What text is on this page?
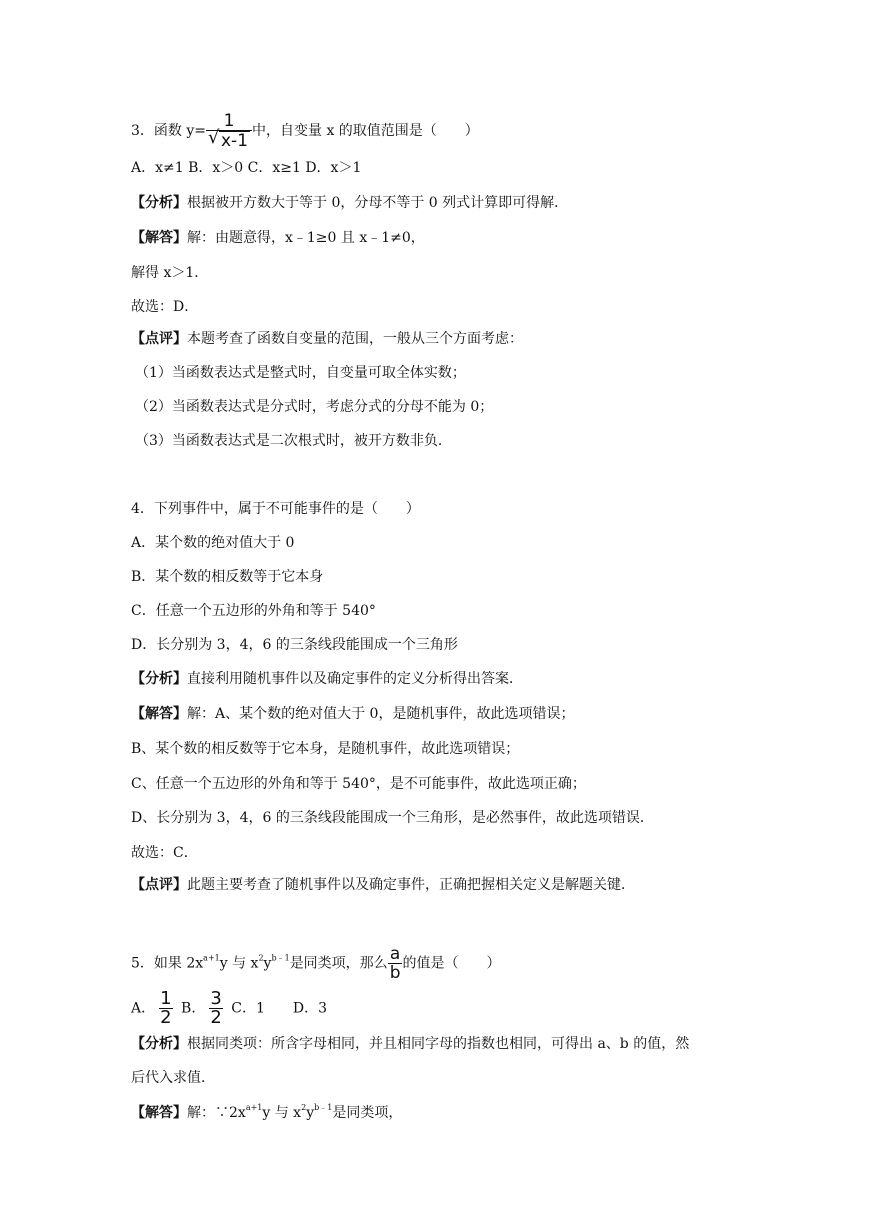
3．函数 $y= \frac{1}{√ x-1}$ 中，自变量 x 的取值范围是（　　）
A．x≠1 B．x＞0 C．x≥1 D．x＞1
【分析】根据被开方数大于等于 0，分母不等于 0 列式计算即可得解．
【解答】解：由题意得，x﹣1≥0 且 x﹣1≠0，
解得 x＞1．
故选：D．
【点评】本题考查了函数自变量的范围，一般从三个方面考虑：
（1）当函数表达式是整式时，自变量可取全体实数；
（2）当函数表达式是分式时，考虑分式的分母不能为 0；
（3）当函数表达式是二次根式时，被开方数非负．
4．下列事件中，属于不可能事件的是（　　）
A．某个数的绝对值大于 0
B．某个数的相反数等于它本身
C．任意一个五边形的外角和等于 540°
D．长分别为 3，4，6 的三条线段能围成一个三角形
【分析】直接利用随机事件以及确定事件的定义分析得出答案．
【解答】解：A、某个数的绝对值大于 0，是随机事件，故此选项错误；
B、某个数的相反数等于它本身，是随机事件，故此选项错误；
C、任意一个五边形的外角和等于 540°，是不可能事件，故此选项正确；
D、长分别为 3，4，6 的三条线段能围成一个三角形，是必然事件，故此选项错误．
故选：C．
【点评】此题主要考查了随机事件以及确定事件，正确把握相关定义是解题关键．
5．如果 $2x^{a+1}y$ 与 $x^2y^{b﹣1}$是同类项，那么 $\frac{a}{b}$ 的值是（　　）
A． $\frac{1}{2}$ B． $\frac{3}{2}$ C．1　　D．3
【分析】根据同类项：所含字母相同，并且相同字母的指数也相同，可得出 a、b 的值，然
后代入求值．
【解答】解：$\because 2x^{a+1}y$ 与 $x^2y^{b﹣1}$是同类项，
